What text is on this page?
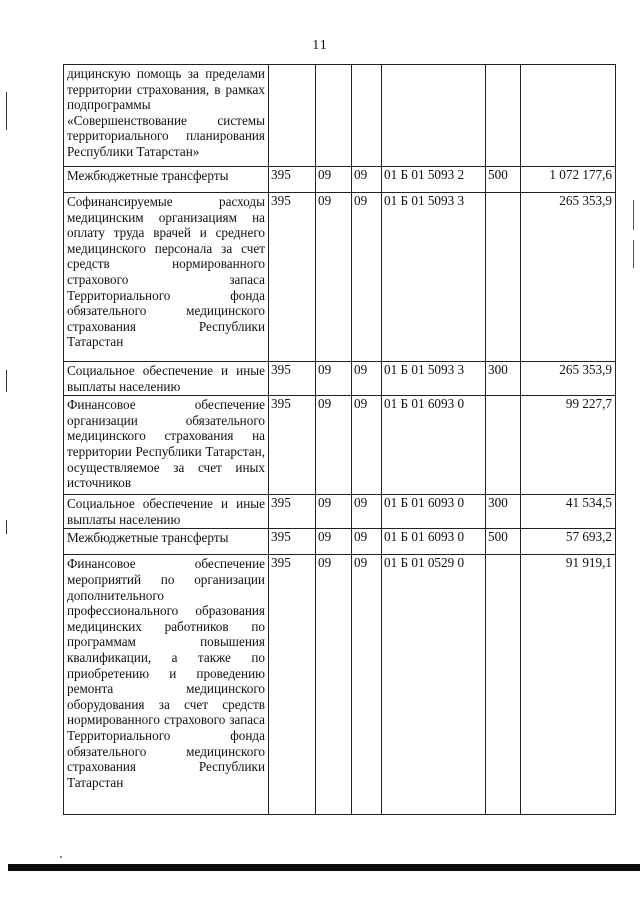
11
дицинскую помощь за пределами территории страхования, в рамках подпрограммы «Совершенствование системы территориального планирования Республики Татарстан»						
Межбюджетные трансферты	395	09	09	01 Б 01 5093 2	500	1 072 177,6
Софинансируемые расходы медицинским организациям на оплату труда врачей и среднего медицинского персонала за счет средств нормированного страхового запаса Территориального фонда обязательного медицинского страхования Республики Татарстан	395	09	09	01 Б 01 5093 3		265 353,9
Социальное обеспечение и иные выплаты населению	395	09	09	01 Б 01 5093 3	300	265 353,9
Финансовое обеспечение организации обязательного медицинского страхования на территории Республики Татарстан, осуществляемое за счет иных источников	395	09	09	01 Б 01 6093 0		99 227,7
Социальное обеспечение и иные выплаты населению	395	09	09	01 Б 01 6093 0	300	41 534,5
Межбюджетные трансферты	395	09	09	01 Б 01 6093 0	500	57 693,2
Финансовое обеспечение мероприятий по организации дополнительного профессионального образования медицинских работников по программам повышения квалификации, а также по приобретению и проведению ремонта медицинского оборудования за счет средств нормированного страхового запаса Территориального фонда обязательного медицинского страхования Республики Татарстан	395	09	09	01 Б 01 0529 0		91 919,1
